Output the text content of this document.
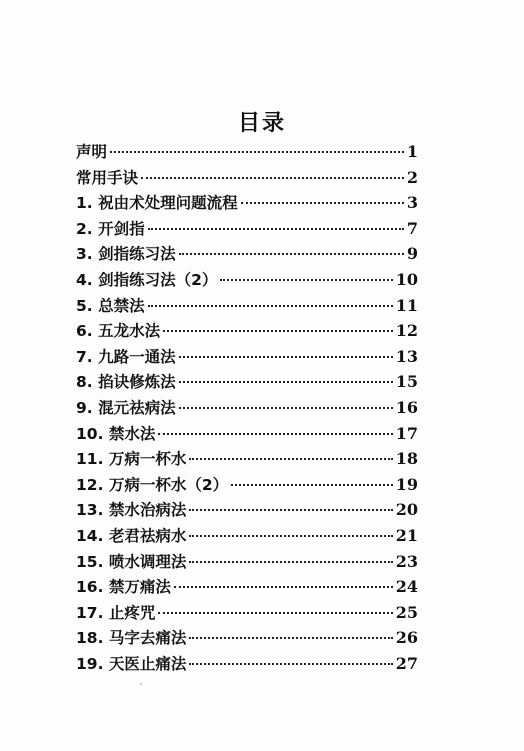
目录
声明	1
常用手诀	2
1. 祝由术处理问题流程	3
2. 开剑指	7
3. 剑指练习法	9
4. 剑指练习法（2）	10
5. 总禁法	11
6. 五龙水法	12
7. 九路一通法	13
8. 掐诀修炼法	15
9. 混元祛病法	16
10. 禁水法	17
11. 万病一杯水	18
12. 万病一杯水（2）	19
13. 禁水治病法	20
14. 老君祛病水	21
15. 喷水调理法	23
16. 禁万痛法	24
17. 止疼咒	25
18. 马字去痛法	26
19. 天医止痛法	27
